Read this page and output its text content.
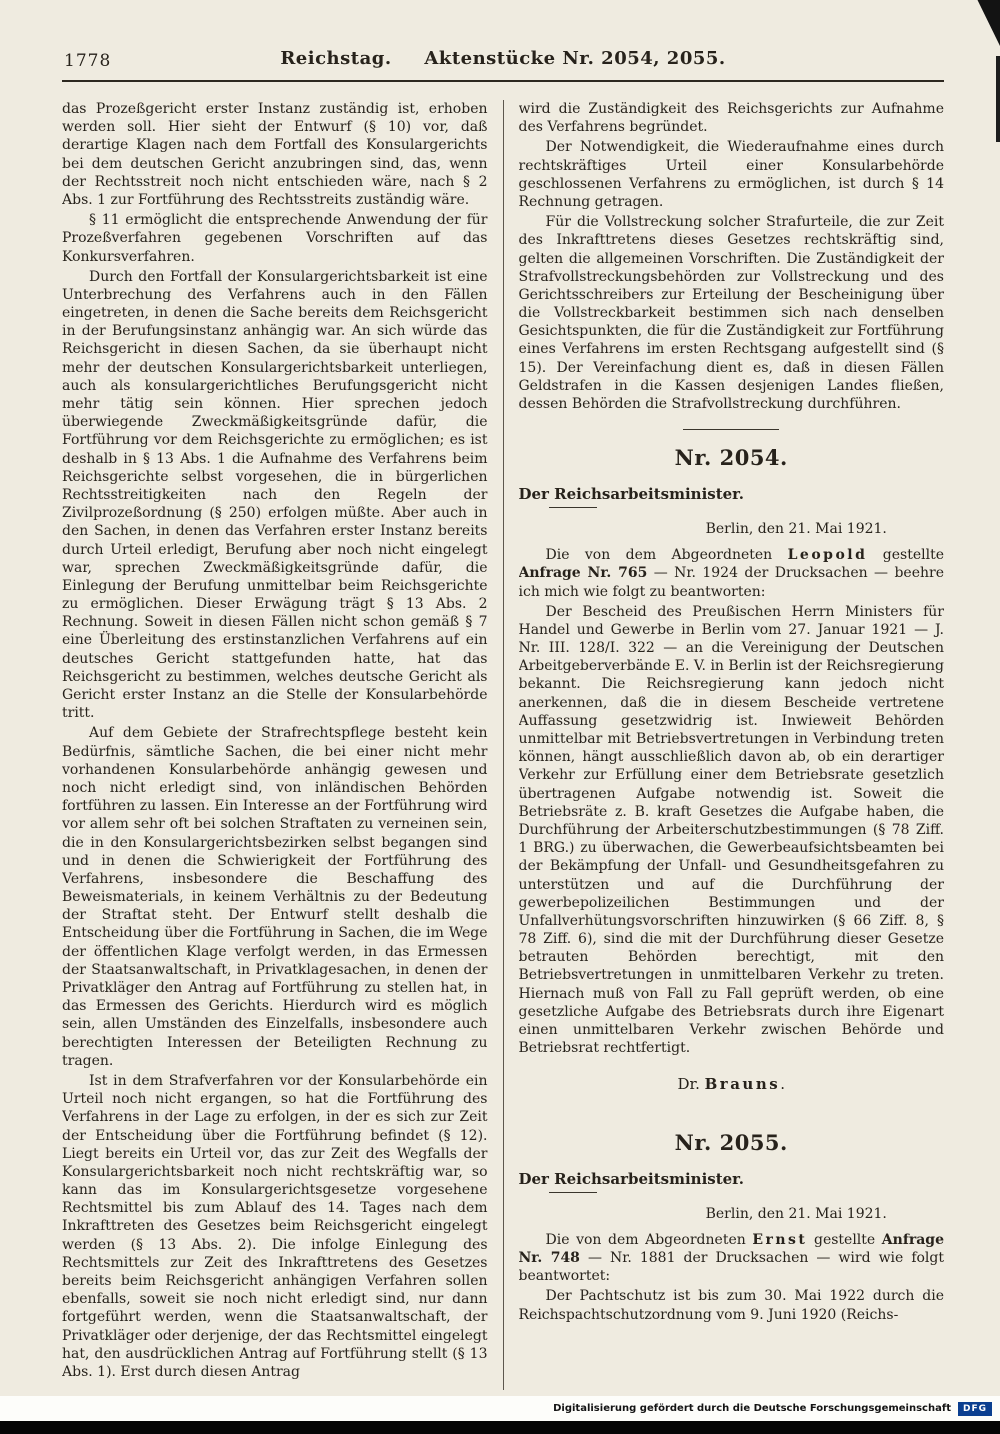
1778	Reichstag. Aktenstücke Nr. 2054, 2055.

das Prozeßgericht erster Instanz zuständig ist, erhoben werden soll. Hier sieht der Entwurf (§ 10) vor, daß derartige Klagen nach dem Fortfall des Konsulargerichts bei dem deutschen Gericht anzubringen sind, das, wenn der Rechtsstreit noch nicht entschieden wäre, nach § 2 Abs. 1 zur Fortführung des Rechtsstreits zuständig wäre.

§ 11 ermöglicht die entsprechende Anwendung der für Prozeßverfahren gegebenen Vorschriften auf das Konkursverfahren.

Durch den Fortfall der Konsulargerichtsbarkeit ist eine Unterbrechung des Verfahrens auch in den Fällen eingetreten, in denen die Sache bereits dem Reichsgericht in der Berufungsinstanz anhängig war. An sich würde das Reichsgericht in diesen Sachen, da sie überhaupt nicht mehr der deutschen Konsulargerichtsbarkeit unterliegen, auch als konsulargerichtliches Berufungsgericht nicht mehr tätig sein können. Hier sprechen jedoch überwiegende Zweckmäßigkeitsgründe dafür, die Fortführung vor dem Reichsgerichte zu ermöglichen; es ist deshalb in § 13 Abs. 1 die Aufnahme des Verfahrens beim Reichsgerichte selbst vorgesehen, die in bürgerlichen Rechtsstreitigkeiten nach den Regeln der Zivilprozeßordnung (§ 250) erfolgen müßte. Aber auch in den Sachen, in denen das Verfahren erster Instanz bereits durch Urteil erledigt, Berufung aber noch nicht eingelegt war, sprechen Zweckmäßigkeitsgründe dafür, die Einlegung der Berufung unmittelbar beim Reichsgerichte zu ermöglichen. Dieser Erwägung trägt § 13 Abs. 2 Rechnung. Soweit in diesen Fällen nicht schon gemäß § 7 eine Überleitung des erstinstanzlichen Verfahrens auf ein deutsches Gericht stattgefunden hatte, hat das Reichsgericht zu bestimmen, welches deutsche Gericht als Gericht erster Instanz an die Stelle der Konsularbehörde tritt.

Auf dem Gebiete der Strafrechtspflege besteht kein Bedürfnis, sämtliche Sachen, die bei einer nicht mehr vorhandenen Konsularbehörde anhängig gewesen und noch nicht erledigt sind, von inländischen Behörden fortführen zu lassen. Ein Interesse an der Fortführung wird vor allem sehr oft bei solchen Straftaten zu verneinen sein, die in den Konsulargerichtsbezirken selbst begangen sind und in denen die Schwierigkeit der Fortführung des Verfahrens, insbesondere die Beschaffung des Beweismaterials, in keinem Verhältnis zu der Bedeutung der Straftat steht. Der Entwurf stellt deshalb die Entscheidung über die Fortführung in Sachen, die im Wege der öffentlichen Klage verfolgt werden, in das Ermessen der Staatsanwaltschaft, in Privatklagesachen, in denen der Privatkläger den Antrag auf Fortführung zu stellen hat, in das Ermessen des Gerichts. Hierdurch wird es möglich sein, allen Umständen des Einzelfalls, insbesondere auch berechtigten Interessen der Beteiligten Rechnung zu tragen.

Ist in dem Strafverfahren vor der Konsularbehörde ein Urteil noch nicht ergangen, so hat die Fortführung des Verfahrens in der Lage zu erfolgen, in der es sich zur Zeit der Entscheidung über die Fortführung befindet (§ 12). Liegt bereits ein Urteil vor, das zur Zeit des Wegfalls der Konsulargerichtsbarkeit noch nicht rechtskräftig war, so kann das im Konsulargerichtsgesetze vorgesehene Rechtsmittel bis zum Ablauf des 14. Tages nach dem Inkrafttreten des Gesetzes beim Reichsgericht eingelegt werden (§ 13 Abs. 2). Die infolge Einlegung des Rechtsmittels zur Zeit des Inkrafttretens des Gesetzes bereits beim Reichsgericht anhängigen Verfahren sollen ebenfalls, soweit sie noch nicht erledigt sind, nur dann fortgeführt werden, wenn die Staatsanwaltschaft, der Privatkläger oder derjenige, der das Rechtsmittel eingelegt hat, den ausdrücklichen Antrag auf Fortführung stellt (§ 13 Abs. 1). Erst durch diesen Antrag

wird die Zuständigkeit des Reichsgerichts zur Aufnahme des Verfahrens begründet.

Der Notwendigkeit, die Wiederaufnahme eines durch rechtskräftiges Urteil einer Konsularbehörde geschlossenen Verfahrens zu ermöglichen, ist durch § 14 Rechnung getragen.

Für die Vollstreckung solcher Strafurteile, die zur Zeit des Inkrafttretens dieses Gesetzes rechtskräftig sind, gelten die allgemeinen Vorschriften. Die Zuständigkeit der Strafvollstreckungsbehörden zur Vollstreckung und des Gerichtsschreibers zur Erteilung der Bescheinigung über die Vollstreckbarkeit bestimmen sich nach denselben Gesichtspunkten, die für die Zuständigkeit zur Fortführung eines Verfahrens im ersten Rechtsgang aufgestellt sind (§ 15). Der Vereinfachung dient es, daß in diesen Fällen Geldstrafen in die Kassen desjenigen Landes fließen, dessen Behörden die Strafvollstreckung durchführen.

Nr. 2054.

Der Reichsarbeitsminister.

Berlin, den 21. Mai 1921.

Die von dem Abgeordneten Leopold gestellte Anfrage Nr. 765 — Nr. 1924 der Drucksachen — beehre ich mich wie folgt zu beantworten:

Der Bescheid des Preußischen Herrn Ministers für Handel und Gewerbe in Berlin vom 27. Januar 1921 — J. Nr. III. 128/I. 322 — an die Vereinigung der Deutschen Arbeitgeberverbände E. V. in Berlin ist der Reichsregierung bekannt. Die Reichsregierung kann jedoch nicht anerkennen, daß die in diesem Bescheide vertretene Auffassung gesetzwidrig ist. Inwieweit Behörden unmittelbar mit Betriebsvertretungen in Verbindung treten können, hängt ausschließlich davon ab, ob ein derartiger Verkehr zur Erfüllung einer dem Betriebsrate gesetzlich übertragenen Aufgabe notwendig ist. Soweit die Betriebsräte z. B. kraft Gesetzes die Aufgabe haben, die Durchführung der Arbeiterschutzbestimmungen (§ 78 Ziff. 1 BRG.) zu überwachen, die Gewerbeaufsichtsbeamten bei der Bekämpfung der Unfall- und Gesundheitsgefahren zu unterstützen und auf die Durchführung der gewerbepolizeilichen Bestimmungen und der Unfallverhütungsvorschriften hinzuwirken (§ 66 Ziff. 8, § 78 Ziff. 6), sind die mit der Durchführung dieser Gesetze betrauten Behörden berechtigt, mit den Betriebsvertretungen in unmittelbaren Verkehr zu treten. Hiernach muß von Fall zu Fall geprüft werden, ob eine gesetzliche Aufgabe des Betriebsrats durch ihre Eigenart einen unmittelbaren Verkehr zwischen Behörde und Betriebsrat rechtfertigt.

Dr. Brauns.

Nr. 2055.

Der Reichsarbeitsminister.

Berlin, den 21. Mai 1921.

Die von dem Abgeordneten Ernst gestellte Anfrage Nr. 748 — Nr. 1881 der Drucksachen — wird wie folgt beantwortet:

Der Pachtschutz ist bis zum 30. Mai 1922 durch die Reichspachtschutzordnung vom 9. Juni 1920 (Reichs-

Digitalisierung gefördert durch die Deutsche Forschungsgemeinschaft	DFG
